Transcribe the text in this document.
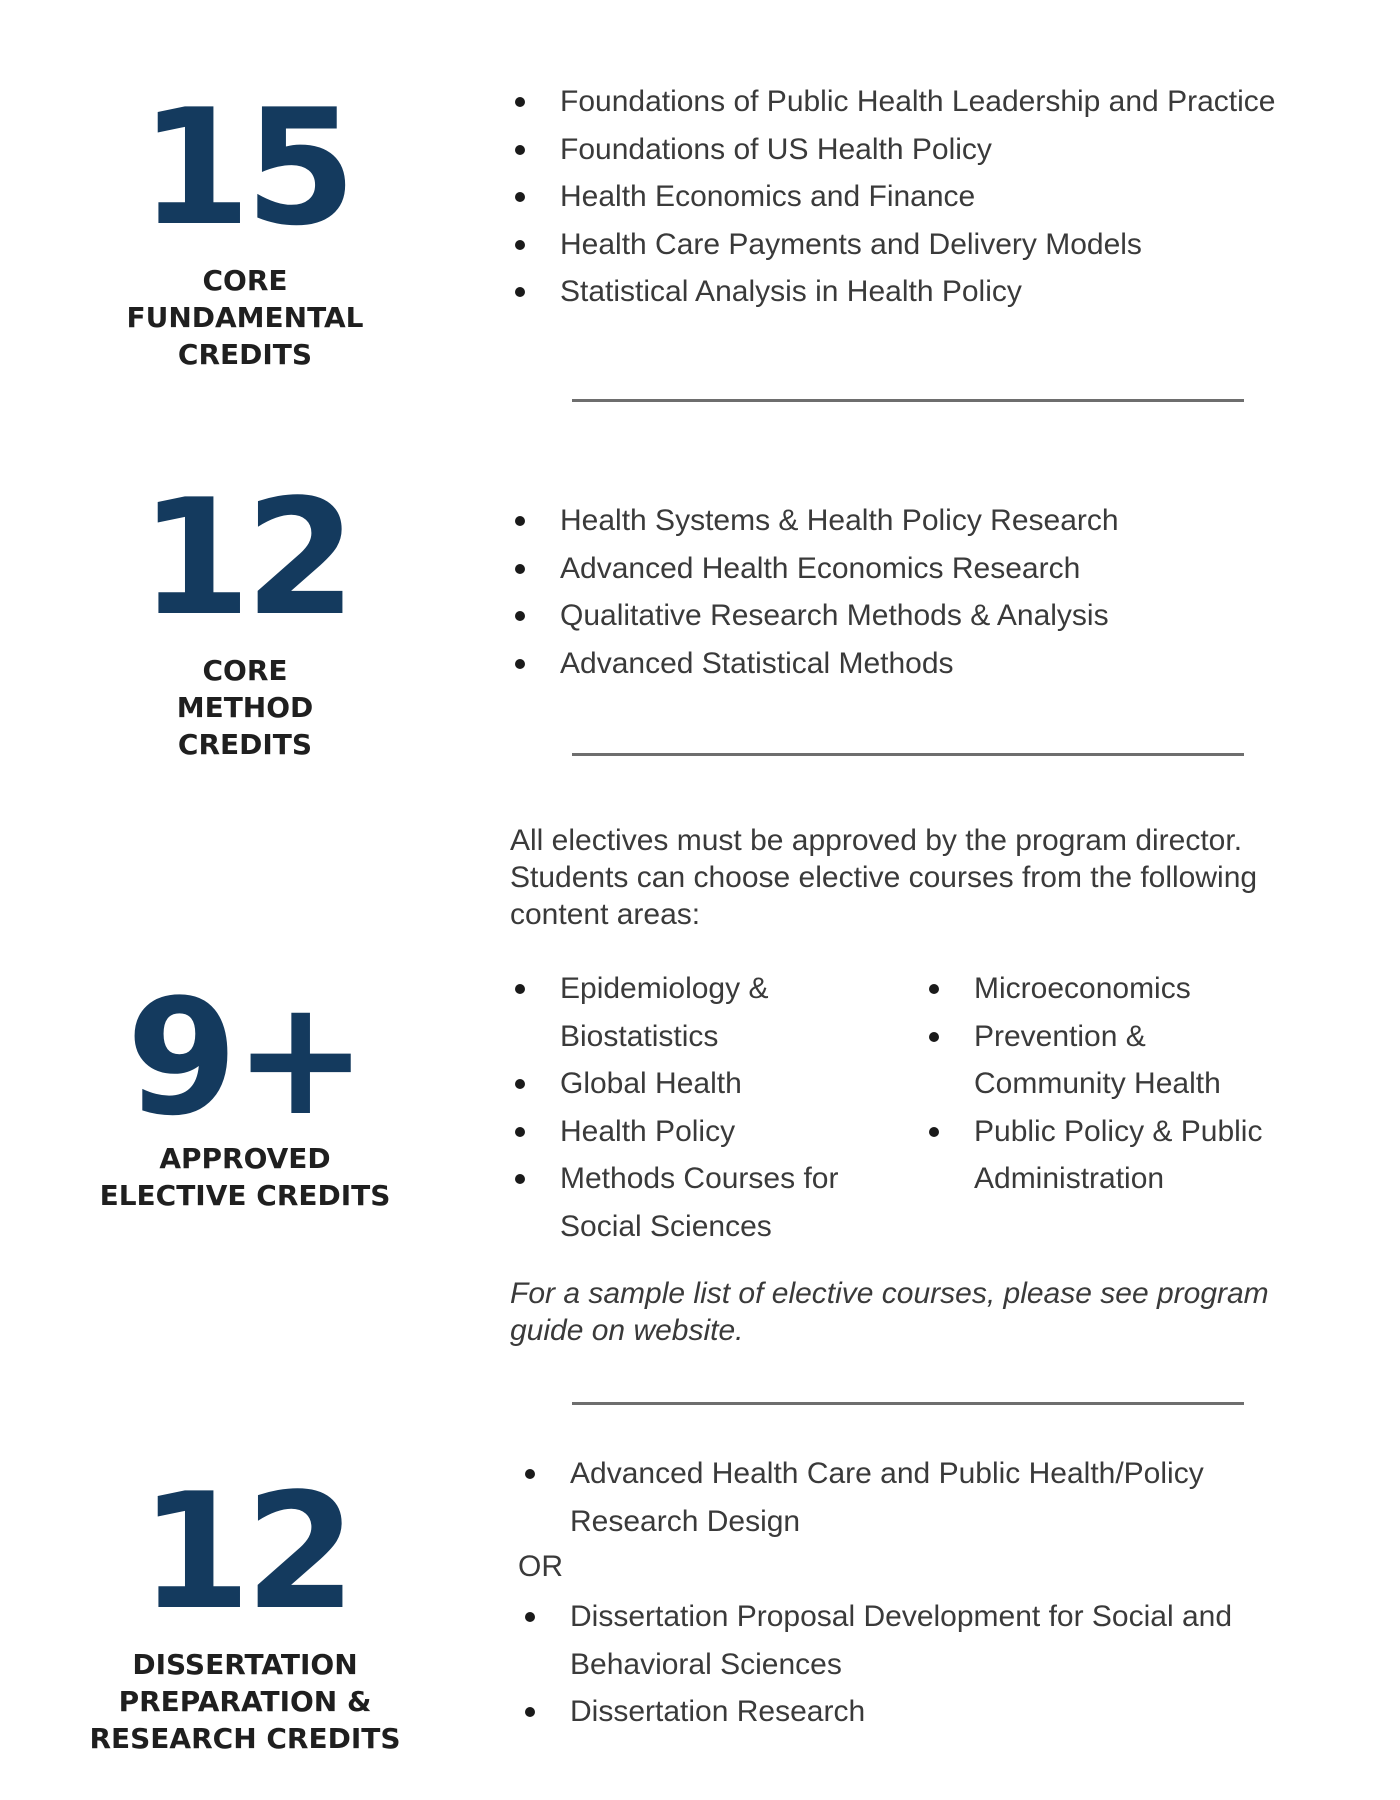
15
CORE
FUNDAMENTAL
CREDITS
Foundations of Public Health Leadership and Practice
Foundations of US Health Policy
Health Economics and Finance
Health Care Payments and Delivery Models
Statistical Analysis in Health Policy
12
CORE
METHOD
CREDITS
Health Systems & Health Policy Research
Advanced Health Economics Research
Qualitative Research Methods & Analysis
Advanced Statistical Methods
All electives must be approved by the program director.
Students can choose elective courses from the following
content areas:
9+
APPROVED
ELECTIVE CREDITS
Epidemiology &
Biostatistics
Global Health
Health Policy
Methods Courses for
Social Sciences
Microeconomics
Prevention &
Community Health
Public Policy & Public
Administration
For a sample list of elective courses, please see program
guide on website.
12
DISSERTATION
PREPARATION &
RESEARCH CREDITS
Advanced Health Care and Public Health/Policy
Research Design
OR
Dissertation Proposal Development for Social and
Behavioral Sciences
Dissertation Research
